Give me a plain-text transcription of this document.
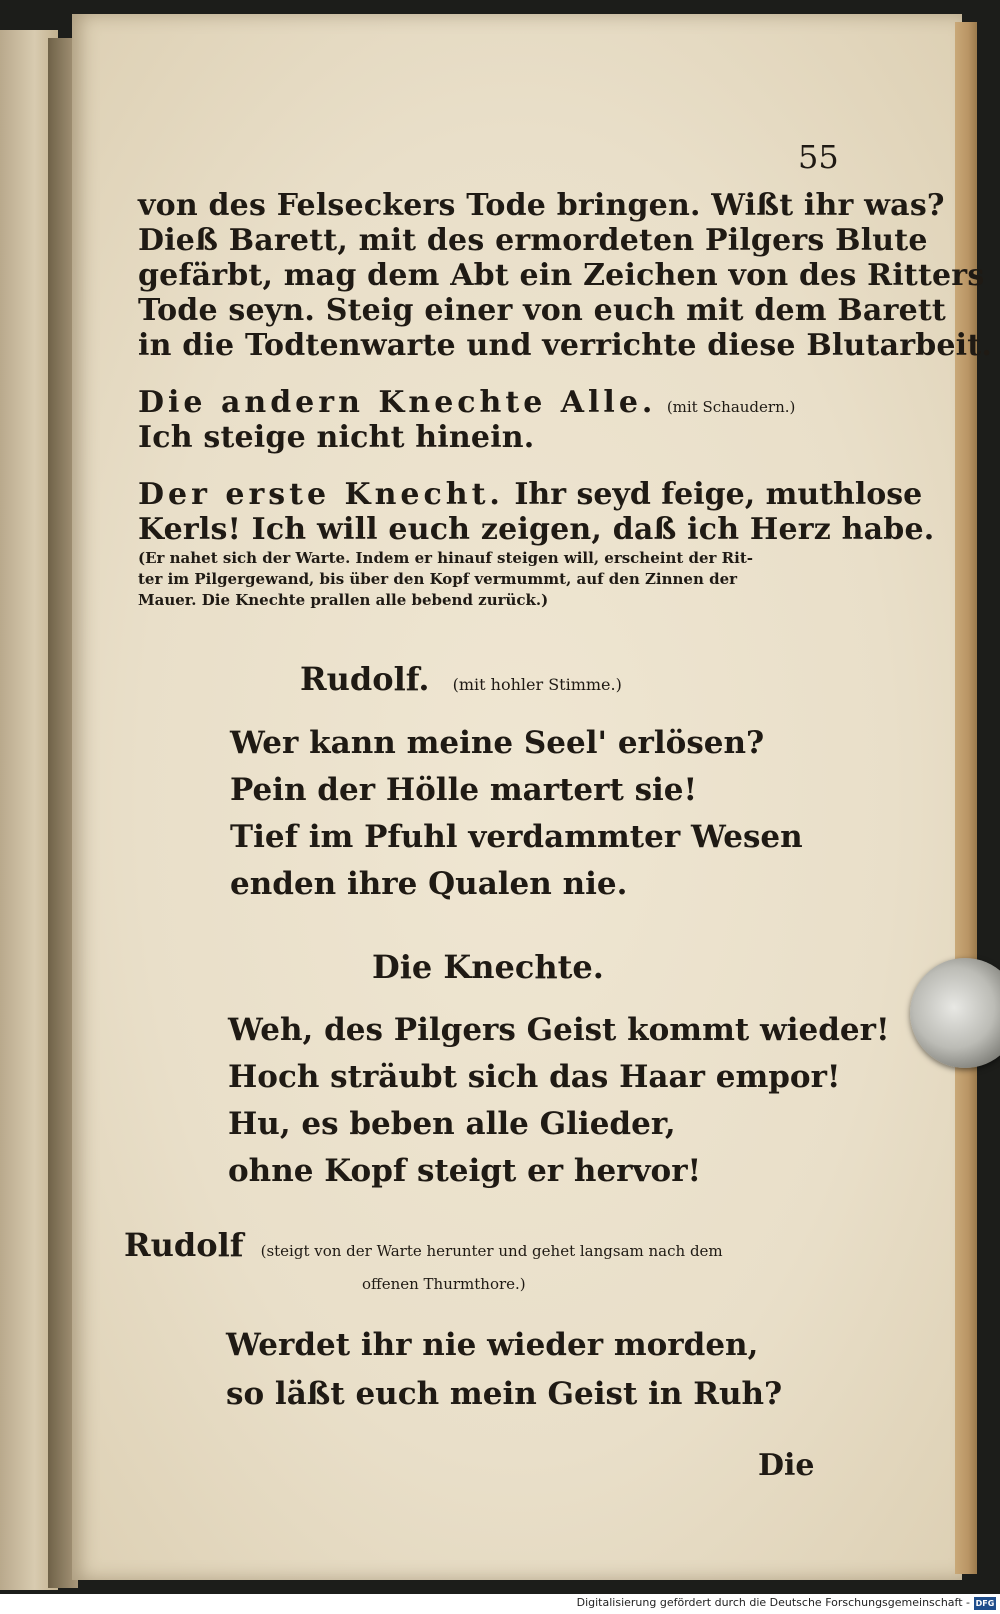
55
von des Felseckers Tode bringen. Wißt ihr was?
Dieß Barett, mit des ermordeten Pilgers Blute
gefärbt, mag dem Abt ein Zeichen von des Ritters
Tode seyn. Steig einer von euch mit dem Barett
in die Todtenwarte und verrichte diese Blutarbeit.
Die andern Knechte Alle. (mit Schaudern.)
Ich steige nicht hinein.
Der erste Knecht. Ihr seyd feige, muthlose
Kerls! Ich will euch zeigen, daß ich Herz habe.
(Er nahet sich der Warte. Indem er hinauf steigen will, erscheint der Rit-
ter im Pilgergewand, bis über den Kopf vermummt, auf den Zinnen der
Mauer. Die Knechte prallen alle bebend zurück.)
Rudolf. (mit hohler Stimme.)
Wer kann meine Seel' erlösen?
Pein der Hölle martert sie!
Tief im Pfuhl verdammter Wesen
enden ihre Qualen nie.
Die Knechte.
Weh, des Pilgers Geist kommt wieder!
Hoch sträubt sich das Haar empor!
Hu, es beben alle Glieder,
ohne Kopf steigt er hervor!
Rudolf (steigt von der Warte herunter und gehet langsam nach dem
offenen Thurmthore.)
Werdet ihr nie wieder morden,
so läßt euch mein Geist in Ruh?
Die
Digitalisierung gefördert durch die Deutsche Forschungsgemeinschaft - DFG
